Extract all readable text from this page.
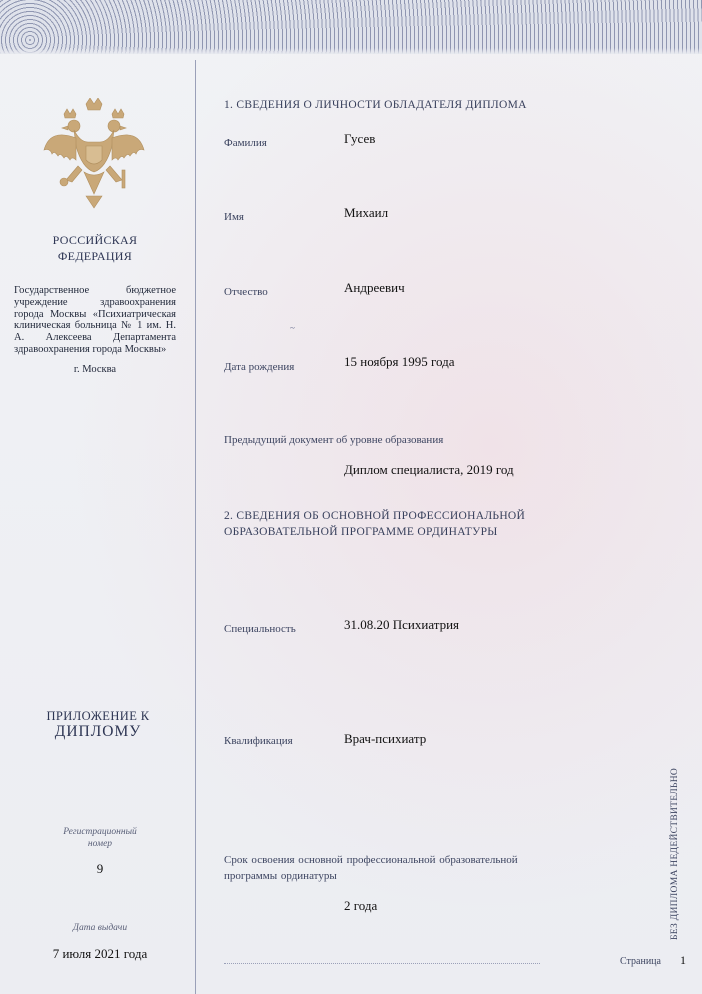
РОССИЙСКАЯ
ФЕДЕРАЦИЯ
Государственное бюджетное учреждение здравоохранения города Москвы «Психиатрическая клиническая больница № 1 им. Н. А. Алексеева Департамента здравоохранения города Москвы»
г. Москва
ПРИЛОЖЕНИЕ К
ДИПЛОМУ
Регистрационный
номер
9
Дата выдачи
7 июля 2021 года
1. СВЕДЕНИЯ О ЛИЧНОСТИ ОБЛАДАТЕЛЯ ДИПЛОМА
Фамилия	Гусев
Имя	Михаил
Отчество	Андреевич
~
Дата рождения	15 ноября 1995 года
Предыдущий документ об уровне образования
Диплом специалиста, 2019 год
2. СВЕДЕНИЯ ОБ ОСНОВНОЙ ПРОФЕССИОНАЛЬНОЙ
ОБРАЗОВАТЕЛЬНОЙ ПРОГРАММЕ ОРДИНАТУРЫ
Специальность	31.08.20 Психиатрия
Квалификация	Врач-психиатр
Срок освоения основной профессиональной образовательной
программы ординатуры
2 года	БЕЗ ДИПЛОМА НЕДЕЙСТВИТЕЛЬНО
Страница 1
